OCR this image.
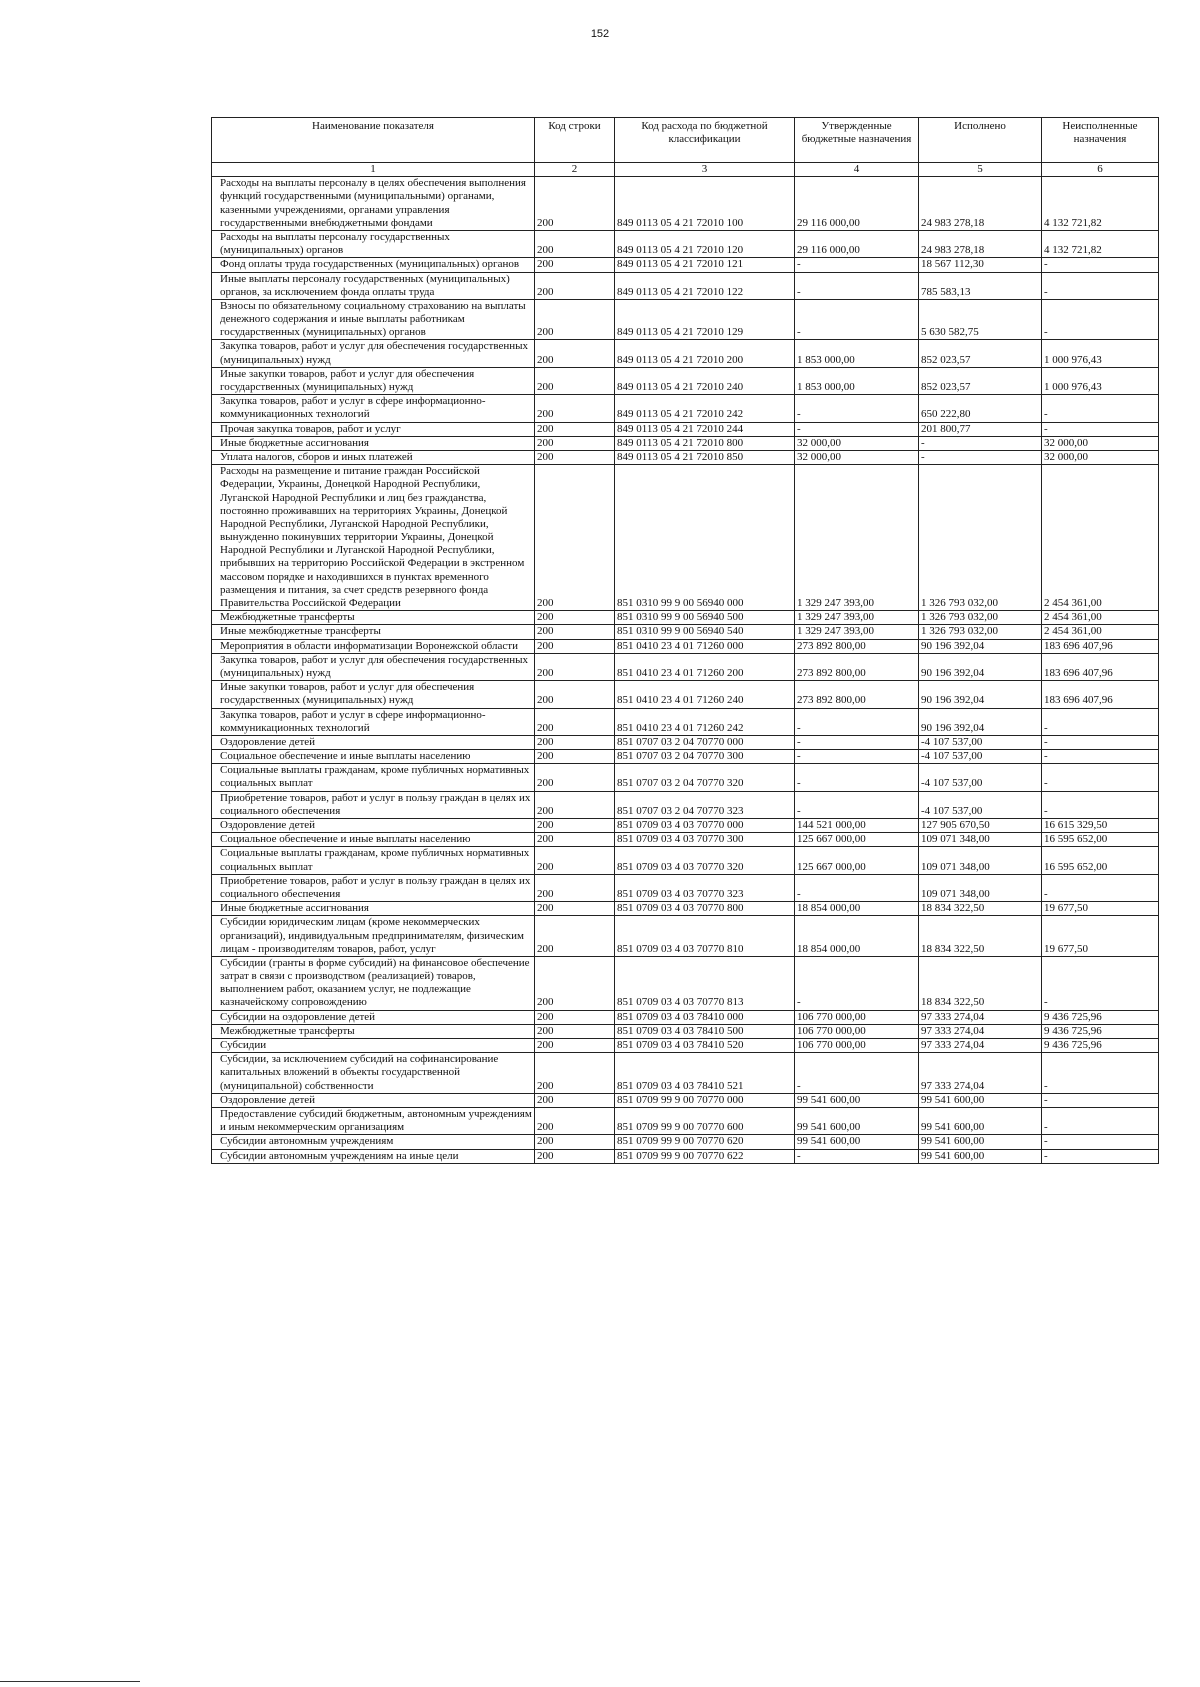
152
Наименование показателя	Код строки	Код расхода по бюджетной классификации	Утвержденные бюджетные назначения	Исполнено	Неисполненные назначения
1	2	3	4	5	6
Расходы на выплаты персоналу в целях обеспечения выполнения функций государственными (муниципальными) органами, казенными учреждениями, органами управления государственными внебюджетными фондами	200	849 0113 05 4 21 72010 100	29 116 000,00	24 983 278,18	4 132 721,82
Расходы на выплаты персоналу государственных (муниципальных) органов	200	849 0113 05 4 21 72010 120	29 116 000,00	24 983 278,18	4 132 721,82
Фонд оплаты труда государственных (муниципальных) органов	200	849 0113 05 4 21 72010 121	-	18 567 112,30	-
Иные выплаты персоналу государственных (муниципальных) органов, за исключением фонда оплаты труда	200	849 0113 05 4 21 72010 122	-	785 583,13	-
Взносы по обязательному социальному страхованию на выплаты денежного содержания и иные выплаты работникам государственных (муниципальных) органов	200	849 0113 05 4 21 72010 129	-	5 630 582,75	-
Закупка товаров, работ и услуг для обеспечения государственных (муниципальных) нужд	200	849 0113 05 4 21 72010 200	1 853 000,00	852 023,57	1 000 976,43
Иные закупки товаров, работ и услуг для обеспечения государственных (муниципальных) нужд	200	849 0113 05 4 21 72010 240	1 853 000,00	852 023,57	1 000 976,43
Закупка товаров, работ и услуг в сфере информационно-коммуникационных технологий	200	849 0113 05 4 21 72010 242	-	650 222,80	-
Прочая закупка товаров, работ и услуг	200	849 0113 05 4 21 72010 244	-	201 800,77	-
Иные бюджетные ассигнования	200	849 0113 05 4 21 72010 800	32 000,00	-	32 000,00
Уплата налогов, сборов и иных платежей	200	849 0113 05 4 21 72010 850	32 000,00	-	32 000,00
Расходы на размещение и питание граждан Российской Федерации, Украины, Донецкой Народной Республики, Луганской Народной Республики и лиц без гражданства, постоянно проживавших на территориях Украины, Донецкой Народной Республики, Луганской Народной Республики, вынужденно покинувших территории Украины, Донецкой Народной Республики и Луганской Народной Республики, прибывших на территорию Российской Федерации в экстренном массовом порядке и находившихся в пунктах временного размещения и питания, за счет средств резервного фонда Правительства Российской Федерации	200	851 0310 99 9 00 56940 000	1 329 247 393,00	1 326 793 032,00	2 454 361,00
Межбюджетные трансферты	200	851 0310 99 9 00 56940 500	1 329 247 393,00	1 326 793 032,00	2 454 361,00
Иные межбюджетные трансферты	200	851 0310 99 9 00 56940 540	1 329 247 393,00	1 326 793 032,00	2 454 361,00
Мероприятия в области информатизации Воронежской области	200	851 0410 23 4 01 71260 000	273 892 800,00	90 196 392,04	183 696 407,96
Закупка товаров, работ и услуг для обеспечения государственных (муниципальных) нужд	200	851 0410 23 4 01 71260 200	273 892 800,00	90 196 392,04	183 696 407,96
Иные закупки товаров, работ и услуг для обеспечения государственных (муниципальных) нужд	200	851 0410 23 4 01 71260 240	273 892 800,00	90 196 392,04	183 696 407,96
Закупка товаров, работ и услуг в сфере информационно-коммуникационных технологий	200	851 0410 23 4 01 71260 242	-	90 196 392,04	-
Оздоровление детей	200	851 0707 03 2 04 70770 000	-	-4 107 537,00	-
Социальное обеспечение и иные выплаты населению	200	851 0707 03 2 04 70770 300	-	-4 107 537,00	-
Социальные выплаты гражданам, кроме публичных нормативных социальных выплат	200	851 0707 03 2 04 70770 320	-	-4 107 537,00	-
Приобретение товаров, работ и услуг в пользу граждан в целях их социального обеспечения	200	851 0707 03 2 04 70770 323	-	-4 107 537,00	-
Оздоровление детей	200	851 0709 03 4 03 70770 000	144 521 000,00	127 905 670,50	16 615 329,50
Социальное обеспечение и иные выплаты населению	200	851 0709 03 4 03 70770 300	125 667 000,00	109 071 348,00	16 595 652,00
Социальные выплаты гражданам, кроме публичных нормативных социальных выплат	200	851 0709 03 4 03 70770 320	125 667 000,00	109 071 348,00	16 595 652,00
Приобретение товаров, работ и услуг в пользу граждан в целях их социального обеспечения	200	851 0709 03 4 03 70770 323	-	109 071 348,00	-
Иные бюджетные ассигнования	200	851 0709 03 4 03 70770 800	18 854 000,00	18 834 322,50	19 677,50
Субсидии юридическим лицам (кроме некоммерческих организаций), индивидуальным предпринимателям, физическим лицам - производителям товаров, работ, услуг	200	851 0709 03 4 03 70770 810	18 854 000,00	18 834 322,50	19 677,50
Субсидии (гранты в форме субсидий) на финансовое обеспечение затрат в связи с производством (реализацией) товаров, выполнением работ, оказанием услуг, не подлежащие казначейскому сопровождению	200	851 0709 03 4 03 70770 813	-	18 834 322,50	-
Субсидии на оздоровление детей	200	851 0709 03 4 03 78410 000	106 770 000,00	97 333 274,04	9 436 725,96
Межбюджетные трансферты	200	851 0709 03 4 03 78410 500	106 770 000,00	97 333 274,04	9 436 725,96
Субсидии	200	851 0709 03 4 03 78410 520	106 770 000,00	97 333 274,04	9 436 725,96
Субсидии, за исключением субсидий на софинансирование капитальных вложений в объекты государственной (муниципальной) собственности	200	851 0709 03 4 03 78410 521	-	97 333 274,04	-
Оздоровление детей	200	851 0709 99 9 00 70770 000	99 541 600,00	99 541 600,00	-
Предоставление субсидий бюджетным, автономным учреждениям и иным некоммерческим организациям	200	851 0709 99 9 00 70770 600	99 541 600,00	99 541 600,00	-
Субсидии автономным учреждениям	200	851 0709 99 9 00 70770 620	99 541 600,00	99 541 600,00	-
Субсидии автономным учреждениям на иные цели	200	851 0709 99 9 00 70770 622	-	99 541 600,00	-
